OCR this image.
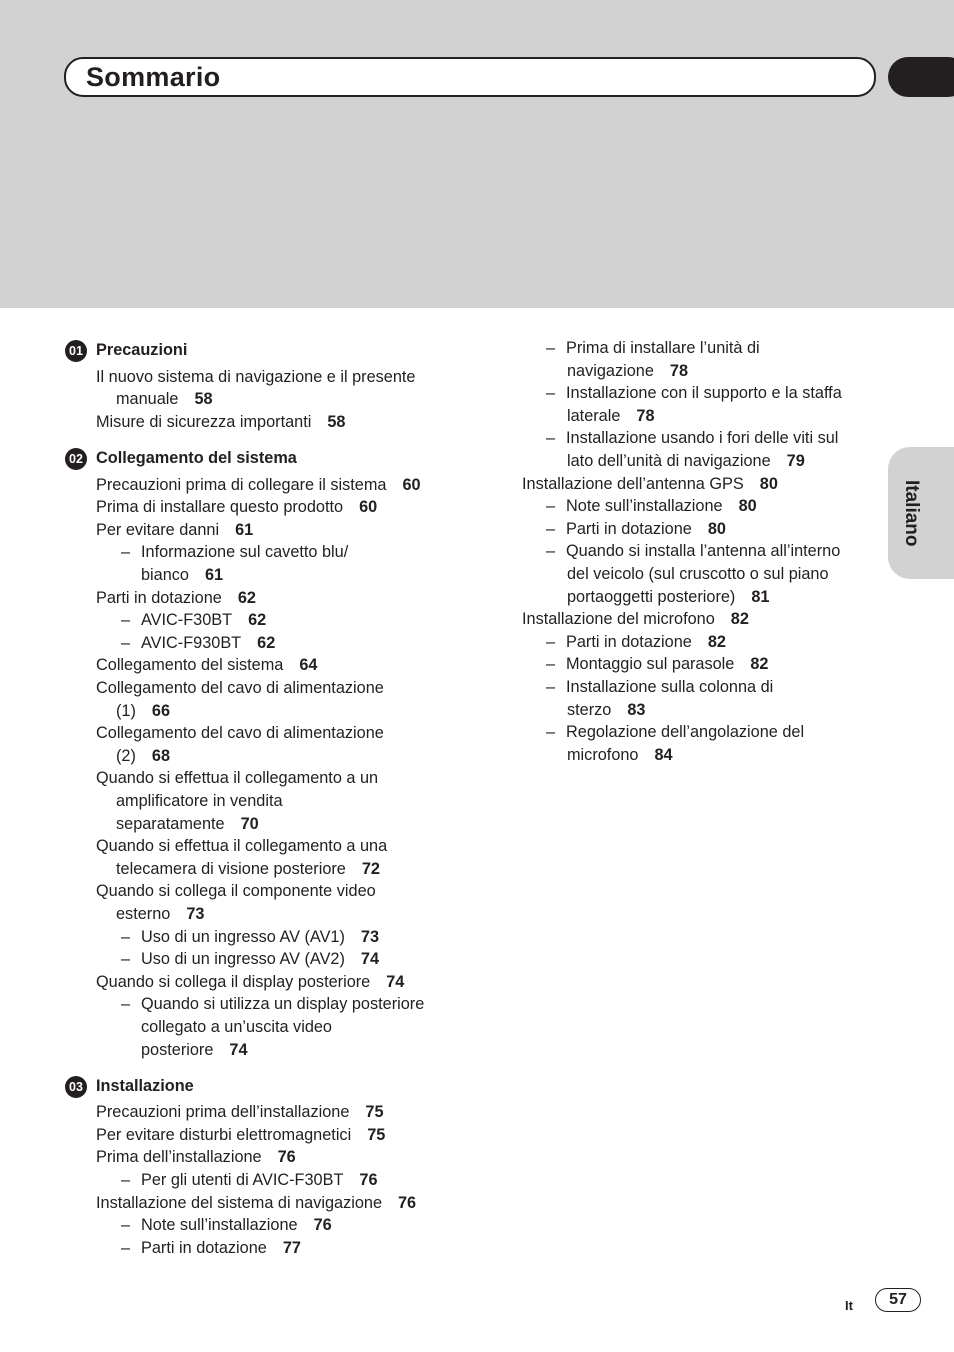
Sommario
Italiano
01 Precauzioni
Il nuovo sistema di navigazione e il presente
manuale 58
Misure di sicurezza importanti 58
02 Collegamento del sistema
Precauzioni prima di collegare il sistema 60
Prima di installare questo prodotto 60
Per evitare danni 61
– Informazione sul cavetto blu/
bianco 61
Parti in dotazione 62
– AVIC-F30BT 62
– AVIC-F930BT 62
Collegamento del sistema 64
Collegamento del cavo di alimentazione
(1) 66
Collegamento del cavo di alimentazione
(2) 68
Quando si effettua il collegamento a un
amplificatore in vendita
separatamente 70
Quando si effettua il collegamento a una
telecamera di visione posteriore 72
Quando si collega il componente video
esterno 73
– Uso di un ingresso AV (AV1) 73
– Uso di un ingresso AV (AV2) 74
Quando si collega il display posteriore 74
– Quando si utilizza un display posteriore
collegato a un’uscita video
posteriore 74
03 Installazione
Precauzioni prima dell’installazione 75
Per evitare disturbi elettromagnetici 75
Prima dell’installazione 76
– Per gli utenti di AVIC-F30BT 76
Installazione del sistema di navigazione 76
– Note sull’installazione 76
– Parti in dotazione 77
– Prima di installare l’unità di
navigazione 78
– Installazione con il supporto e la staffa
laterale 78
– Installazione usando i fori delle viti sul
lato dell’unità di navigazione 79
Installazione dell’antenna GPS 80
– Note sull’installazione 80
– Parti in dotazione 80
– Quando si installa l’antenna all’interno
del veicolo (sul cruscotto o sul piano
portaoggetti posteriore) 81
Installazione del microfono 82
– Parti in dotazione 82
– Montaggio sul parasole 82
– Installazione sulla colonna di
sterzo 83
– Regolazione dell’angolazione del
microfono 84
It	57
